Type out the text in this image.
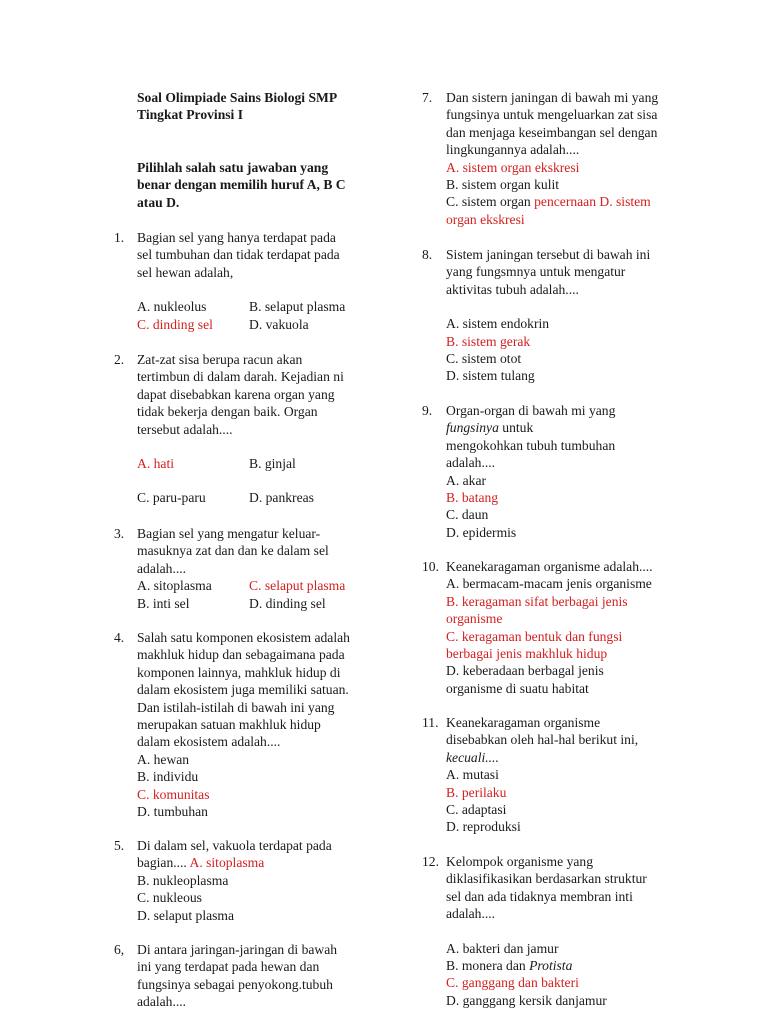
Soal Olimpiade Sains Biologi SMP
Tingkat Provinsi I
Pilihlah salah satu jawaban yang
benar dengan memilih huruf A, B C
atau D.
1. Bagian sel yang hanya terdapat pada
sel tumbuhan dan tidak terdapat pada
sel hewan adalah,
A. nukleolus	B. selaput plasma
C. dinding sel	D. vakuola
2. Zat-zat sisa berupa racun akan
tertimbun di dalam darah. Kejadian ni
dapat disebabkan karena organ yang
tidak bekerja dengan baik. Organ
tersebut adalah....
A. hati	B. ginjal
C. paru-paru	D. pankreas
3. Bagian sel yang mengatur keluar-
masuknya zat dan dan ke dalam sel
adalah....
A. sitoplasma	C. selaput plasma
B. inti sel	D. dinding sel
4. Salah satu komponen ekosistem adalah
makhluk hidup dan sebagaimana pada
komponen lainnya, mahkluk hidup di
dalam ekosistem juga memiliki satuan.
Dan istilah-istilah di bawah ini yang
merupakan satuan makhluk hidup
dalam ekosistem adalah....
A. hewan
B. individu
C. komunitas
D. tumbuhan
5. Di dalam sel, vakuola terdapat pada
bagian.... A. sitoplasma
B. nukleoplasma
C. nukleous
D. selaput plasma
6, Di antara jaringan-jaringan di bawah
ini yang terdapat pada hewan dan
fungsinya sebagai penyokong.tubuh
adalah....
7. Dan sistern janingan di bawah mi yang
fungsinya untuk mengeluarkan zat sisa
dan menjaga keseimbangan sel dengan
lingkungannya adalah....
A. sistem organ ekskresi
B. sistem organ kulit
C. sistem organ pencernaan D. sistem
organ ekskresi
8. Sistem janingan tersebut di bawah ini
yang fungsmnya untuk mengatur
aktivitas tubuh adalah....
A. sistem endokrin
B. sistem gerak
C. sistem otot
D. sistem tulang
9. Organ-organ di bawah mi yang
fungsinya untuk
mengokohkan tubuh tumbuhan
adalah....
A. akar
B. batang
C. daun
D. epidermis
10. Keanekaragaman organisme adalah....
A. bermacam-macam jenis organisme
B. keragaman sifat berbagai jenis
organisme
C. keragaman bentuk dan fungsi
berbagai jenis makhluk hidup
D. keberadaan berbagal jenis
organisme di suatu habitat
11. Keanekaragaman organisme
disebabkan oleh hal-hal berikut ini,
kecuali....
A. mutasi
B. perilaku
C. adaptasi
D. reproduksi
12. Kelompok organisme yang
diklasifikasikan berdasarkan struktur
sel dan ada tidaknya membran inti
adalah....
A. bakteri dan jamur
B. monera dan Protista
C. ganggang dan bakteri
D. ganggang kersik danjamur
